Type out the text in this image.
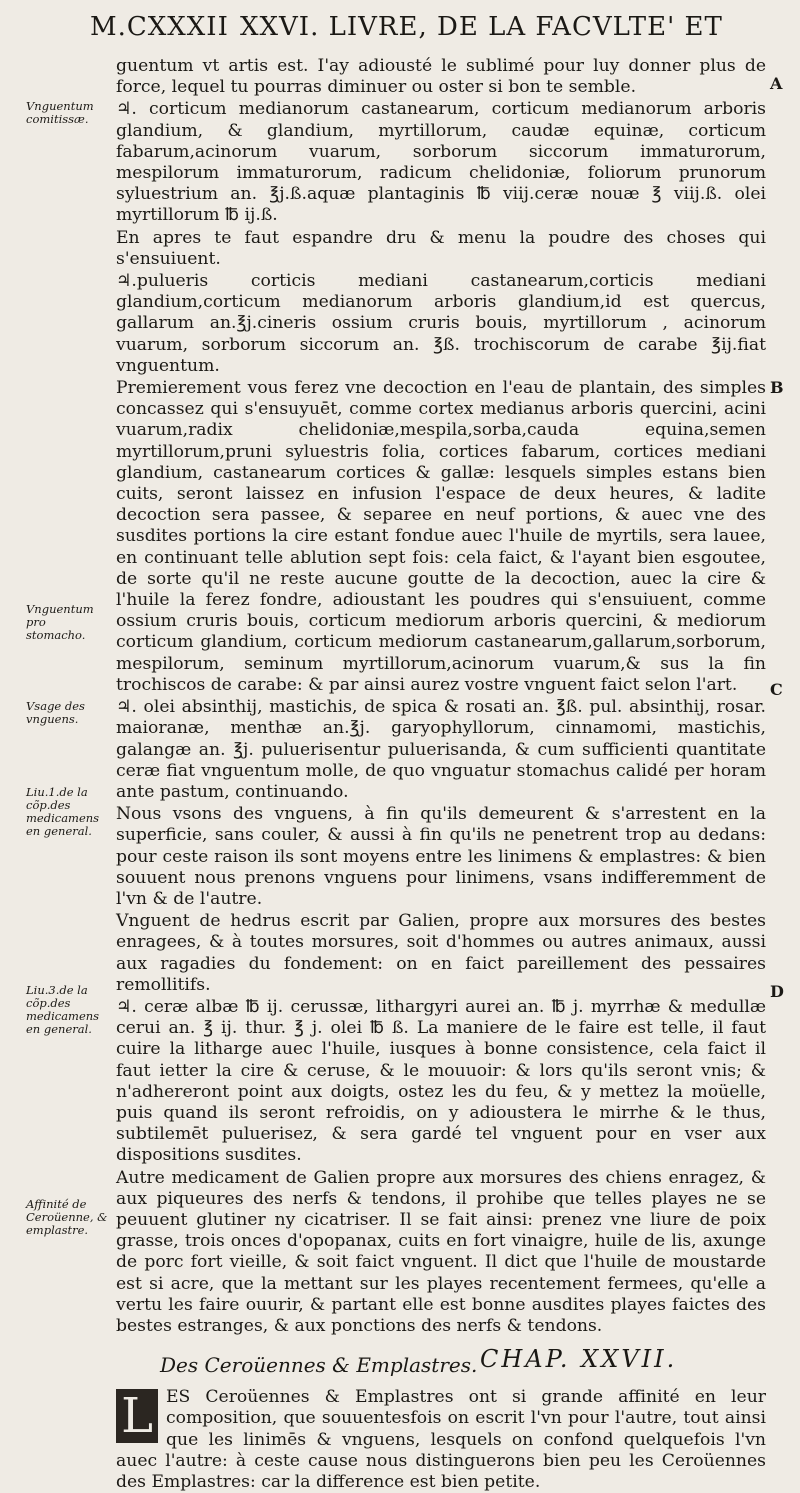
M.CXXXII XXVI. LIVRE, DE LA FACVLTE' ET
A
B
C
D
Vnguentum comitissæ.
Vnguentum pro stomacho.
Vsage des vnguens.
Liu.1.de la cõp.des medicamens en general.
Liu.3.de la cõp.des medicamens en general.
Affinité de Ceroüenne, & emplastre.

guentum vt artis est. I'ay adiousté le sublimé pour luy donner plus de force, lequel tu pourras diminuer ou oster si bon te semble.

♃. corticum medianorum castanearum, corticum medianorum arboris glandium, & glandium, myrtillorum, caudæ equinæ, corticum fabarum,acinorum vuarum, sorborum siccorum immaturorum, mespilorum immaturorum, radicum chelidoniæ, foliorum prunorum syluestrium an. ℥j.ß.aquæ plantaginis ℔ viij.ceræ nouæ ℥ viij.ß. olei myrtillorum ℔ ij.ß.

En apres te faut espandre dru & menu la poudre des choses qui s'ensuiuent.

♃.pulueris corticis mediani castanearum,corticis mediani glandium,corticum medianorum arboris glandium,id est quercus, gallarum an.℥j.cineris ossium cruris bouis, myrtillorum , acinorum vuarum, sorborum siccorum an. ℥ß. trochiscorum de carabe ℥ij.fiat vnguentum.

Premierement vous ferez vne decoction en l'eau de plantain, des simples concassez qui s'ensuyuēt, comme cortex medianus arboris quercini, acini vuarum,radix chelidoniæ,mespila,sorba,cauda equina,semen myrtillorum,pruni syluestris folia, cortices fabarum, cortices mediani glandium, castanearum cortices & gallæ: lesquels simples estans bien cuits, seront laissez en infusion l'espace de deux heures, & ladite decoction sera passee, & separee en neuf portions, & auec vne des susdites portions la cire estant fondue auec l'huile de myrtils, sera lauee, en continuant telle ablution sept fois: cela faict, & l'ayant bien esgoutee, de sorte qu'il ne reste aucune goutte de la decoction, auec la cire & l'huile la ferez fondre, adioustant les poudres qui s'ensuiuent, comme ossium cruris bouis, corticum mediorum arboris quercini, & mediorum corticum glandium, corticum mediorum castanearum,gallarum,sorborum, mespilorum, seminum myrtillorum,acinorum vuarum,& sus la fin trochiscos de carabe: & par ainsi aurez vostre vnguent faict selon l'art.

♃. olei absinthij, mastichis, de spica & rosati an. ℥ß. pul. absinthij, rosar. maioranæ, menthæ an.℥j. garyophyllorum, cinnamomi, mastichis, galangæ an. ℥j. puluerisentur puluerisanda, & cum sufficienti quantitate ceræ fiat vnguentum molle, de quo vnguatur stomachus calidé per horam ante pastum, continuando.

Nous vsons des vnguens, à fin qu'ils demeurent & s'arrestent en la superficie, sans couler, & aussi à fin qu'ils ne penetrent trop au dedans: pour ceste raison ils sont moyens entre les linimens & emplastres: & bien souuent nous prenons vnguens pour linimens, vsans indifferemment de l'vn & de l'autre.

Vnguent de hedrus escrit par Galien, propre aux morsures des bestes enragees, & à toutes morsures, soit d'hommes ou autres animaux, aussi aux ragadies du fondement: on en faict pareillement des pessaires remollitifs.

♃. ceræ albæ ℔ ij. cerussæ, lithargyri aurei an. ℔ j. myrrhæ & medullæ cerui an. ℥ ij. thur. ℥ j. olei ℔ ß. La maniere de le faire est telle, il faut cuire la litharge auec l'huile, iusques à bonne consistence, cela faict il faut ietter la cire & ceruse, & le mouuoir: & lors qu'ils seront vnis; & n'adhereront point aux doigts, ostez les du feu, & y mettez la moüelle, puis quand ils seront refroidis, on y adioustera le mirrhe & le thus, subtilemēt puluerisez, & sera gardé tel vnguent pour en vser aux dispositions susdites.

Autre medicament de Galien propre aux morsures des chiens enragez, & aux piqueures des nerfs & tendons, il prohibe que telles playes ne se peuuent glutiner ny cicatriser. Il se fait ainsi: prenez vne liure de poix grasse, trois onces d'opopanax, cuits en fort vinaigre, huile de lis, axunge de porc fort vieille, & soit faict vnguent. Il dict que l'huile de moustarde est si acre, que la mettant sur les playes recentement fermees, qu'elle a vertu les faire ouurir, & partant elle est bonne ausdites playes faictes des bestes estranges, & aux ponctions des nerfs & tendons.

Des Ceroüennes & Emplastres. CHAP. XXVII.

L ES Ceroüennes & Emplastres ont si grande affinité en leur composition, que souuentesfois on escrit l'vn pour l'autre, tout ainsi que les linimēs & vnguens, lesquels on confond quelquefois l'vn auec l'autre: à ceste cause nous distinguerons bien peu les Ceroüennes des Emplastres: car la difference est bien petite.
